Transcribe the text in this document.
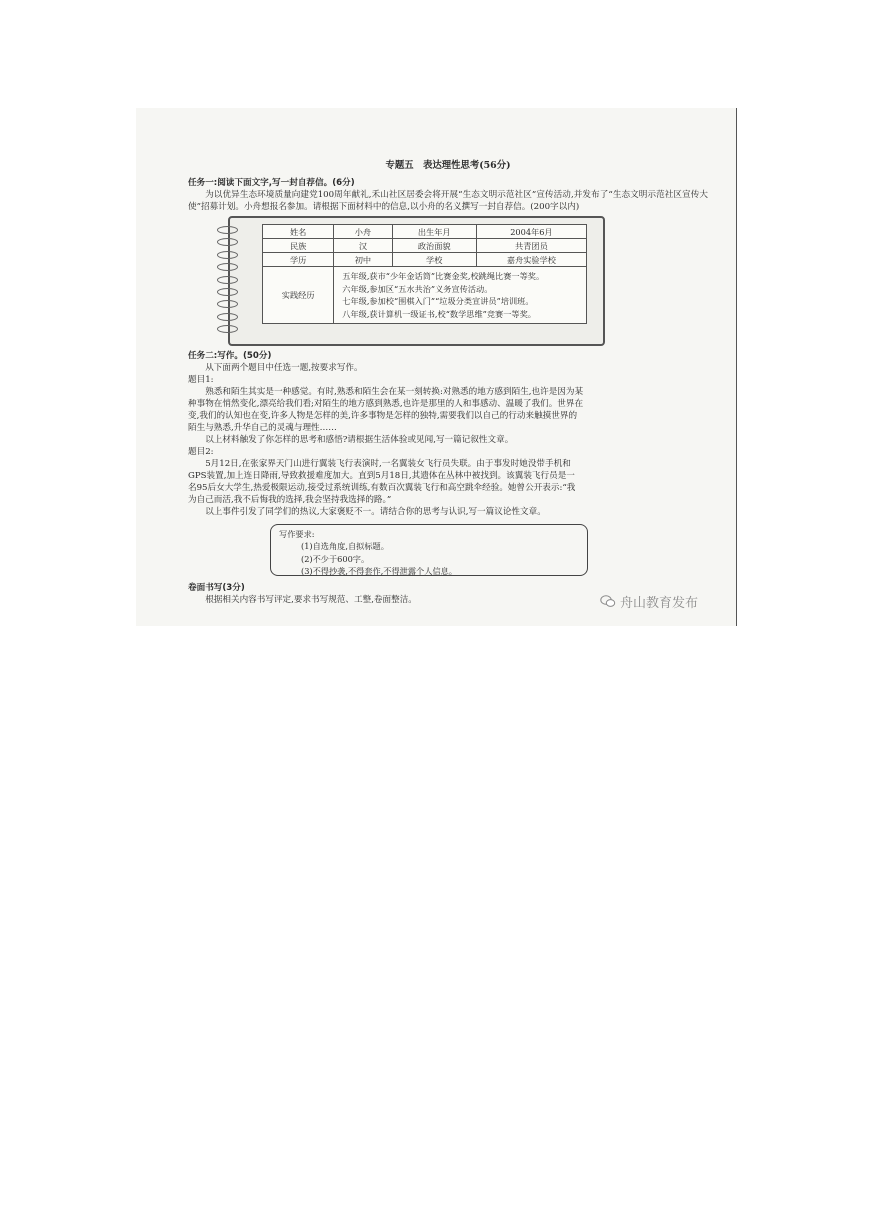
专题五　表达理性思考(56分)
任务一:阅读下面文字,写一封自荐信。(6分)
为以优异生态环境质量向建党100周年献礼,禾山社区居委会将开展“生态文明示范社区”宣传活动,并发布了“生态文明示范社区宣传大使”招募计划。小舟想报名参加。请根据下面材料中的信息,以小舟的名义撰写一封自荐信。(200字以内)
姓名	小舟	出生年月	2004年6月
民族	汉	政治面貌	共青团员
学历	初中	学校	嘉舟实验学校
实践经历	五年级,获市“少年金话筒”比赛金奖,校跳绳比赛一等奖。
六年级,参加区“五水共治”义务宣传活动。
七年级,参加校“围棋入门”“垃圾分类宣讲员”培训班。
八年级,获计算机一级证书,校“数学思维”竞赛一等奖。		
任务二:写作。(50分)
从下面两个题目中任选一题,按要求写作。
题目1:
熟悉和陌生其实是一种感觉。有时,熟悉和陌生会在某一刻转换:对熟悉的地方感到陌生,也许是因为某
种事物在悄然变化,漂亮给我们看;对陌生的地方感到熟悉,也许是那里的人和事感动、温暖了我们。世界在
变,我们的认知也在变,许多人物是怎样的美,许多事物是怎样的独特,需要我们以自己的行动来触摸世界的
陌生与熟悉,升华自己的灵魂与理性……
以上材料触发了你怎样的思考和感悟?请根据生活体验或见闻,写一篇记叙性文章。
题目2:
5月12日,在张家界天门山进行翼装飞行表演时,一名翼装女飞行员失联。由于事发时她没带手机和
GPS装置,加上连日降雨,导致救援难度加大。直到5月18日,其遗体在丛林中被找到。该翼装飞行员是一
名95后女大学生,热爱极限运动,接受过系统训练,有数百次翼装飞行和高空跳伞经验。她曾公开表示:“我
为自己而活,我不后悔我的选择,我会坚持我选择的路。”
以上事件引发了同学们的热议,大家褒贬不一。请结合你的思考与认识,写一篇议论性文章。
写作要求:
(1)自选角度,自拟标题。
(2)不少于600字。
(3)不得抄袭,不得套作,不得泄露个人信息。
卷面书写(3分)
根据相关内容书写评定,要求书写规范、工整,卷面整洁。	舟山教育发布
